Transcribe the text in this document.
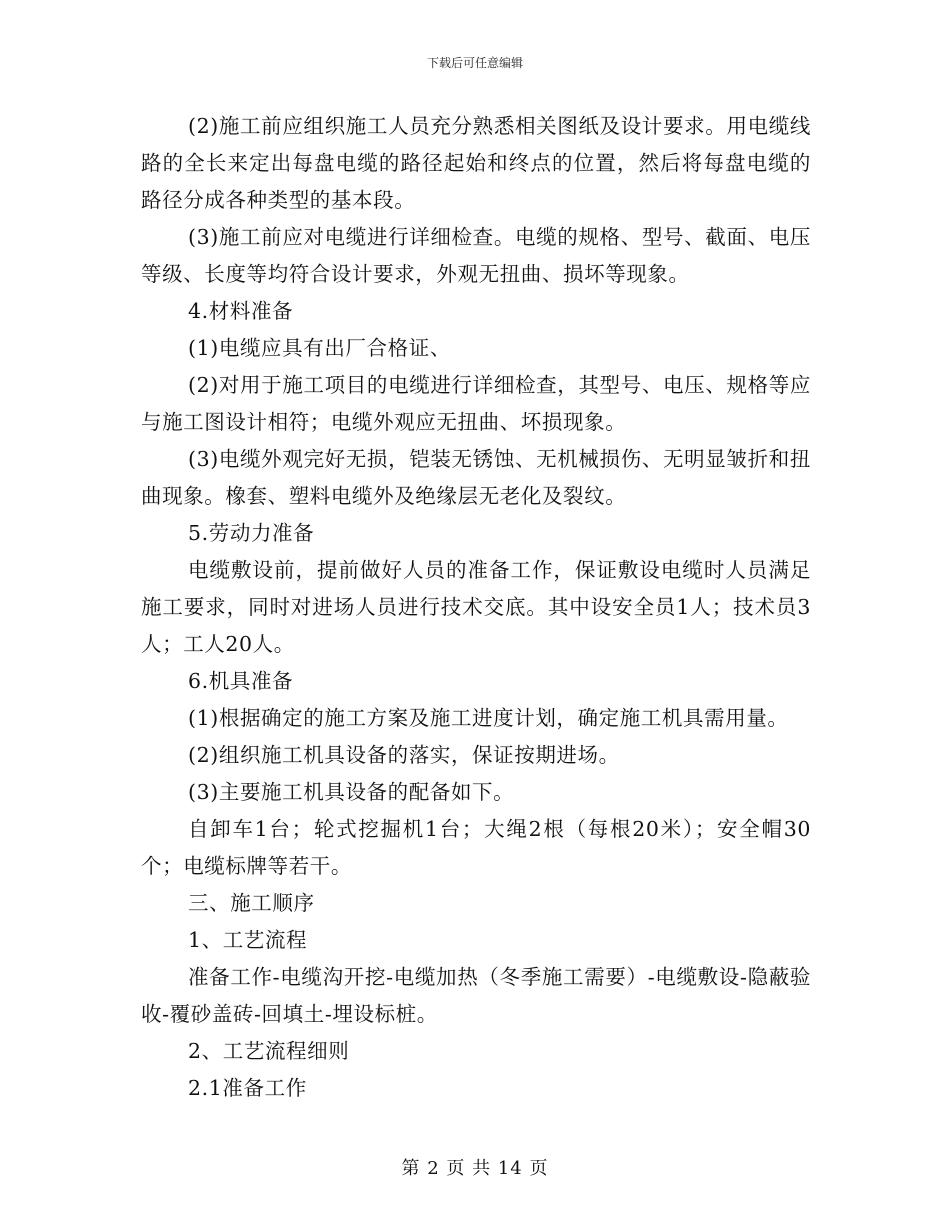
下载后可任意编辑

(2)施工前应组织施工人员充分熟悉相关图纸及设计要求。用电缆线路的全长来定出每盘电缆的路径起始和终点的位置，然后将每盘电缆的路径分成各种类型的基本段。

(3)施工前应对电缆进行详细检查。电缆的规格、型号、截面、电压等级、长度等均符合设计要求，外观无扭曲、损坏等现象。

4.材料准备

(1)电缆应具有出厂合格证、

(2)对用于施工项目的电缆进行详细检查，其型号、电压、规格等应与施工图设计相符；电缆外观应无扭曲、坏损现象。

(3)电缆外观完好无损，铠装无锈蚀、无机械损伤、无明显皱折和扭曲现象。橡套、塑料电缆外及绝缘层无老化及裂纹。

5.劳动力准备

电缆敷设前，提前做好人员的准备工作，保证敷设电缆时人员满足施工要求，同时对进场人员进行技术交底。其中设安全员1人；技术员3人；工人20人。

6.机具准备

(1)根据确定的施工方案及施工进度计划，确定施工机具需用量。

(2)组织施工机具设备的落实，保证按期进场。

(3)主要施工机具设备的配备如下。

自卸车1台；轮式挖掘机1台；大绳2根（每根20米）；安全帽30个；电缆标牌等若干。

三、施工顺序

1、工艺流程

准备工作-电缆沟开挖-电缆加热（冬季施工需要）-电缆敷设-隐蔽验收-覆砂盖砖-回填土-埋设标桩。

2、工艺流程细则

2.1准备工作

第 2 页 共 14 页
